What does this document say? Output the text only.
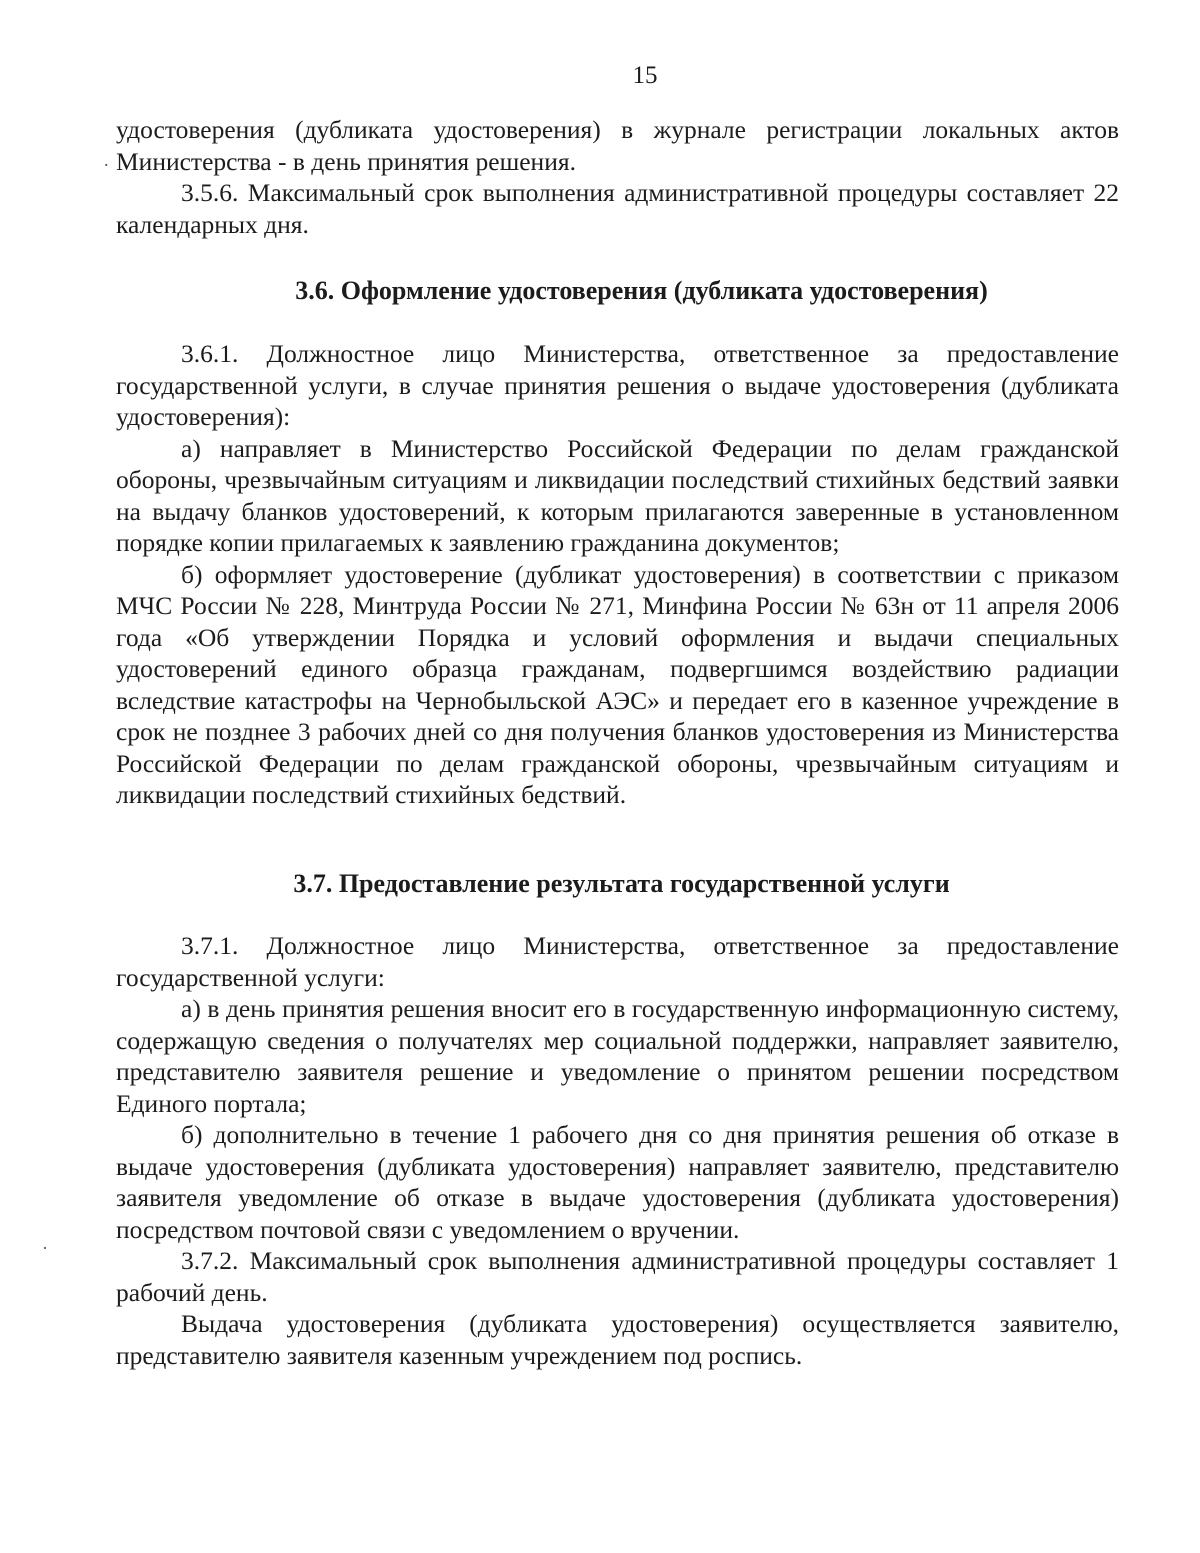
15

удостоверения (дубликата удостоверения) в журнале регистрации локальных актов Министерства - в день принятия решения.

3.5.6. Максимальный срок выполнения административной процедуры составляет 22 календарных дня.

3.6. Оформление удостоверения (дубликата удостоверения)

3.6.1. Должностное лицо Министерства, ответственное за предоставление государственной услуги, в случае принятия решения о выдаче удостоверения (дубликата удостоверения):

а) направляет в Министерство Российской Федерации по делам гражданской обороны, чрезвычайным ситуациям и ликвидации последствий стихийных бедствий заявки на выдачу бланков удостоверений, к которым прилагаются заверенные в установленном порядке копии прилагаемых к заявлению гражданина документов;

б) оформляет удостоверение (дубликат удостоверения) в соответствии с приказом МЧС России № 228, Минтруда России № 271, Минфина России № 63н от 11 апреля 2006 года «Об утверждении Порядка и условий оформления и выдачи специальных удостоверений единого образца гражданам, подвергшимся воздействию радиации вследствие катастрофы на Чернобыльской АЭС» и передает его в казенное учреждение в срок не позднее 3 рабочих дней со дня получения бланков удостоверения из Министерства Российской Федерации по делам гражданской обороны, чрезвычайным ситуациям и ликвидации последствий стихийных бедствий.

3.7. Предоставление результата государственной услуги

3.7.1. Должностное лицо Министерства, ответственное за предоставление государственной услуги:

а) в день принятия решения вносит его в государственную информационную систему, содержащую сведения о получателях мер социальной поддержки, направляет заявителю, представителю заявителя решение и уведомление о принятом решении посредством Единого портала;

б) дополнительно в течение 1 рабочего дня со дня принятия решения об отказе в выдаче удостоверения (дубликата удостоверения) направляет заявителю, представителю заявителя уведомление об отказе в выдаче удостоверения (дубликата удостоверения) посредством почтовой связи с уведомлением о вручении.

3.7.2. Максимальный срок выполнения административной процедуры составляет 1 рабочий день.

Выдача удостоверения (дубликата удостоверения) осуществляется заявителю, представителю заявителя казенным учреждением под роспись.

.
·
